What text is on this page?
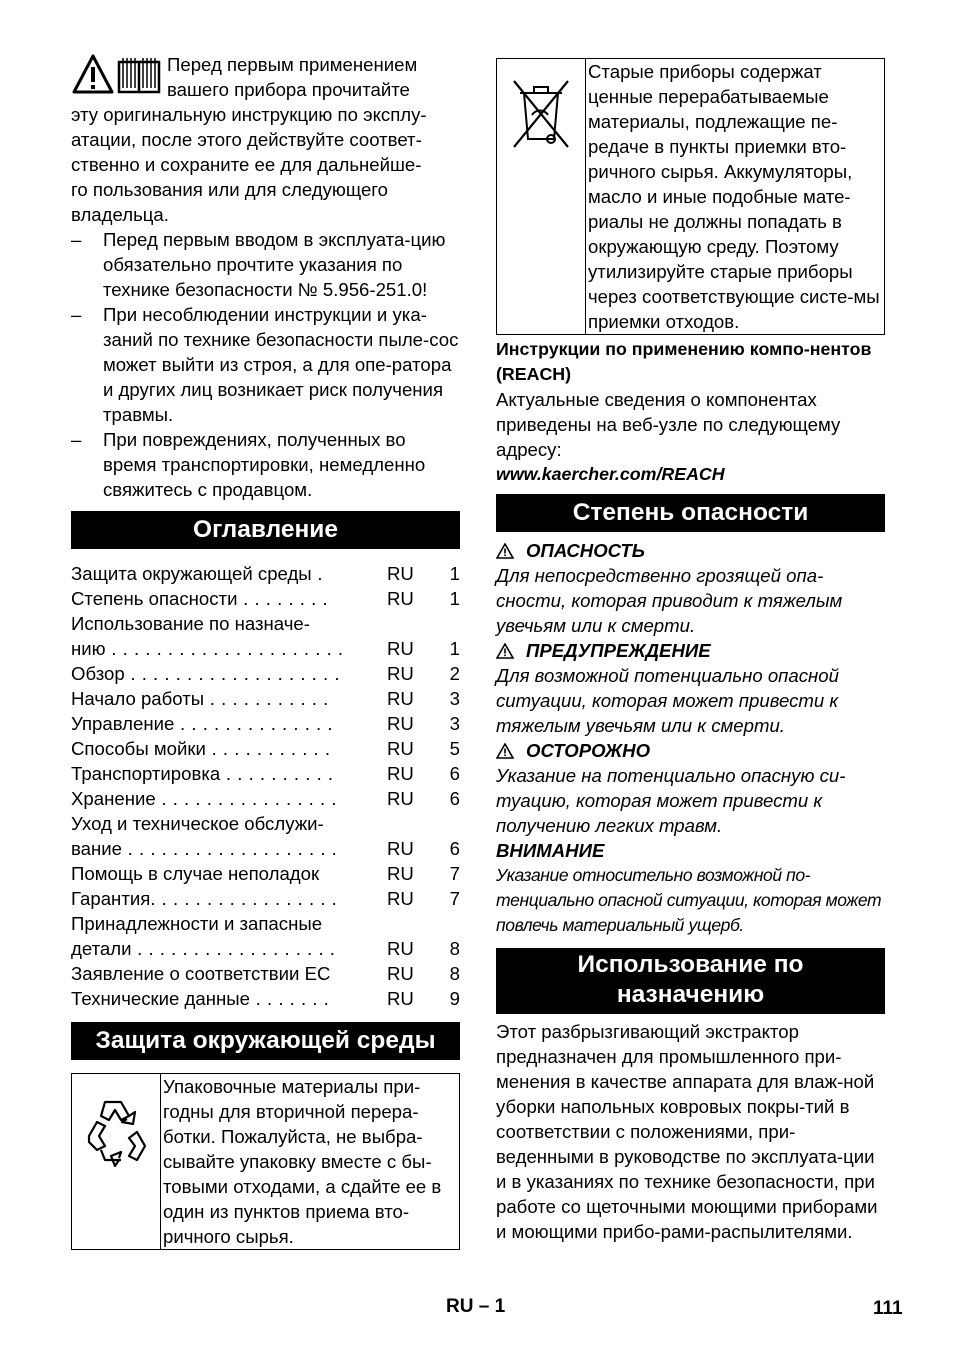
Перед первым применением
вашего прибора прочитайте
эту оригинальную инструкцию по эксплу-
атации, после этого действуйте соответ-
ственно и сохраните ее для дальнейше-
го пользования или для следующего
владельца.

– Перед первым вводом в эксплуата-цию обязательно прочтите указания по технике безопасности № 5.956-251.0!
– При несоблюдении инструкции и ука-заний по технике безопасности пыле-сос может выйти из строя, а для опе-ратора и других лиц возникает риск получения травмы.
– При повреждениях, полученных во время транспортировки, немедленно свяжитесь с продавцом.
Оглавление
Защита окружающей среды .	RU	1
Степень опасности . . . . . . . .	RU	1
Использование по назначе-
нию . . . . . . . . . . . . . . . . . . . . .	RU	1
Обзор . . . . . . . . . . . . . . . . . . .	RU	2
Начало работы . . . . . . . . . . .	RU	3
Управление . . . . . . . . . . . . . .	RU	3
Способы мойки . . . . . . . . . . .	RU	5
Транспортировка . . . . . . . . . .	RU	6
Хранение . . . . . . . . . . . . . . . .	RU	6
Уход и техническое обслужи-
вание . . . . . . . . . . . . . . . . . . .	RU	6
Помощь в случае неполадок	RU	7
Гарантия. . . . . . . . . . . . . . . . .	RU	7
Принадлежности и запасные
детали . . . . . . . . . . . . . . . . . .	RU	8
Заявление о соответствии ЕС	RU	8
Технические данные . . . . . . .	RU	9
Защита окружающей среды

Упаковочные материалы при-годны для вторичной перера-ботки. Пожалуйста, не выбра-сывайте упаковку вместе с бы-товыми отходами, а сдайте ее в один из пунктов приема вто-ричного сырья.

Старые приборы содержат ценные перерабатываемые материалы, подлежащие пе-редаче в пункты приемки вто-ричного сырья. Аккумуляторы, масло и иные подобные мате-риалы не должны попадать в окружающую среду. Поэтому утилизируйте старые приборы через соответствующие систе-мы приемки отходов.

Инструкции по применению компо-нентов (REACH)

Актуальные сведения о компонентах приведены на веб-узле по следующему адресу:

www.kaercher.com/REACH

Степень опасности
ОПАСНОСТЬ

Для непосредственно грозящей опа-сности, которая приводит к тяжелым увечьям или к смерти.

ПРЕДУПРЕЖДЕНИЕ

Для возможной потенциально опасной ситуации, которая может привести к тяжелым увечьям или к смерти.

ОСТОРОЖНО

Указание на потенциально опасную си-туацию, которая может привести к получению легких травм.

ВНИМАНИЕ

Указание относительно возможной по-тенциально опасной ситуации, которая может повлечь материальный ущерб.

Использование по
назначению

Этот разбрызгивающий экстрактор предназначен для промышленного при-менения в качестве аппарата для влаж-ной уборки напольных ковровых покры-тий в соответствии с положениями, при-веденными в руководстве по эксплуата-ции и в указаниях по технике безопасности, при работе со щеточными моющими приборами и моющими прибо-рами-распылителями.

RU – 1	111
